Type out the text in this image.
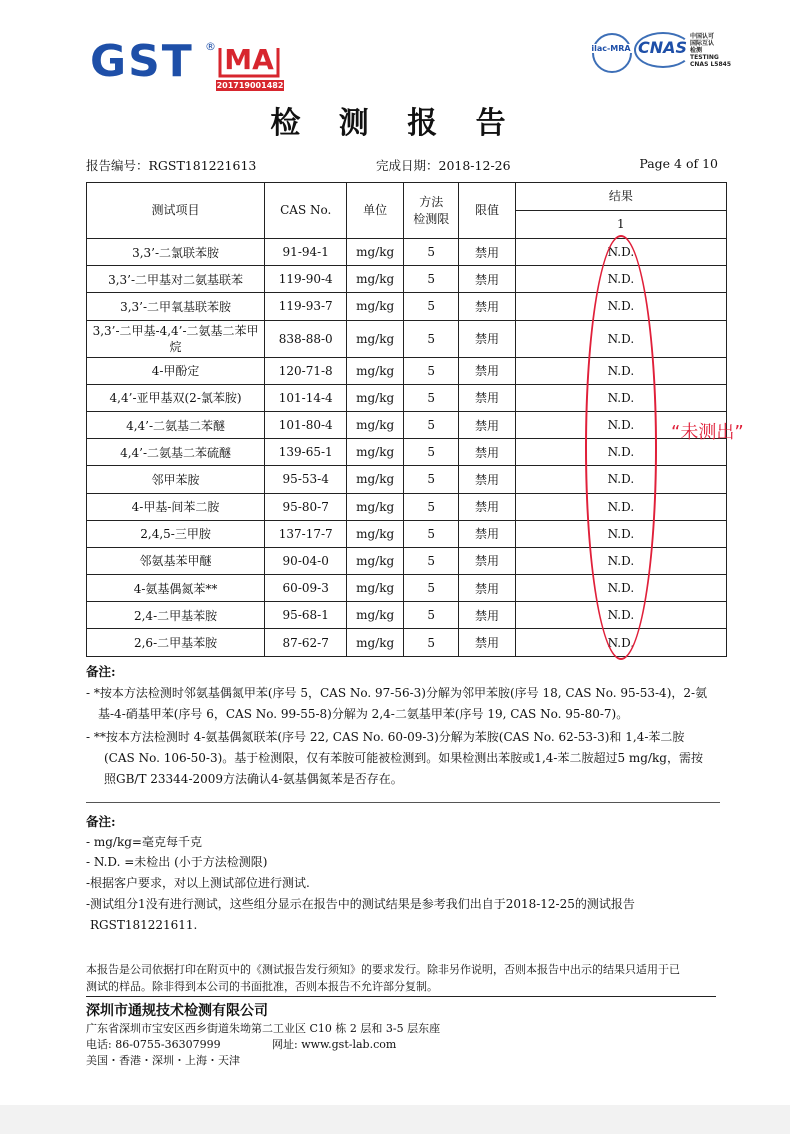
GST ® MA
201719001482
ilac-MRA CNAS
中国认可
国际互认
检测
TESTING
CNAS L5845
检 测 报 告
报告编号：RGST181221613	完成日期：2018-12-26	Page 4 of 10
测试项目	CAS No.	单位	方法
检测限	限值	结果
					1
3,3’-二氯联苯胺	91-94-1	mg/kg	5	禁用	N.D.
3,3’-二甲基对二氨基联苯	119-90-4	mg/kg	5	禁用	N.D.
3,3’-二甲氧基联苯胺	119-93-7	mg/kg	5	禁用	N.D.
3,3’-二甲基-4,4’-二氨基二苯甲烷	838-88-0	mg/kg	5	禁用	N.D.
4-甲酚定	120-71-8	mg/kg	5	禁用	N.D.
4,4’-亚甲基双(2-氯苯胺)	101-14-4	mg/kg	5	禁用	N.D.
4,4’-二氨基二苯醚	101-80-4	mg/kg	5	禁用	N.D.
4,4’-二氨基二苯硫醚	139-65-1	mg/kg	5	禁用	N.D.
邻甲苯胺	95-53-4	mg/kg	5	禁用	N.D.
4-甲基-间苯二胺	95-80-7	mg/kg	5	禁用	N.D.
2,4,5-三甲胺	137-17-7	mg/kg	5	禁用	N.D.
邻氨基苯甲醚	90-04-0	mg/kg	5	禁用	N.D.
4-氨基偶氮苯**	60-09-3	mg/kg	5	禁用	N.D.
2,4-二甲基苯胺	95-68-1	mg/kg	5	禁用	N.D.
2,6-二甲基苯胺	87-62-7	mg/kg	5	禁用	N.D.
“未测出”
备注:
- *按本方法检测时邻氨基偶氮甲苯(序号 5，CAS No. 97-56-3)分解为邻甲苯胺(序号 18, CAS No. 95-53-4)，2-氨
基-4-硝基甲苯(序号 6，CAS No. 99-55-8)分解为 2,4-二氨基甲苯(序号 19, CAS No. 95-80-7)。
- **按本方法检测时 4-氨基偶氮联苯(序号 22, CAS No. 60-09-3)分解为苯胺(CAS No. 62-53-3)和 1,4-苯二胺
(CAS No. 106-50-3)。基于检测限，仅有苯胺可能被检测到。如果检测出苯胺或1,4-苯二胺超过5 mg/kg，需按
照GB/T 23344-2009方法确认4-氨基偶氮苯是否存在。
备注:
- mg/kg=毫克每千克
- N.D. =未检出 (小于方法检测限)
-根据客户要求，对以上测试部位进行测试.
-测试组分1没有进行测试，这些组分显示在报告中的测试结果是参考我们出自于2018-12-25的测试报告
RGST181221611.
本报告是公司依据打印在附页中的《测试报告发行须知》的要求发行。除非另作说明，否则本报告中出示的结果只适用于已
测试的样品。除非得到本公司的书面批准，否则本报告不允许部分复制。
深圳市通规技术检测有限公司
广东省深圳市宝安区西乡街道朱坳第二工业区 C10 栋 2 层和 3-5 层东座
电话: 86-0755-36307999	网址: www.gst-lab.com
美国・香港・深圳・上海・天津
